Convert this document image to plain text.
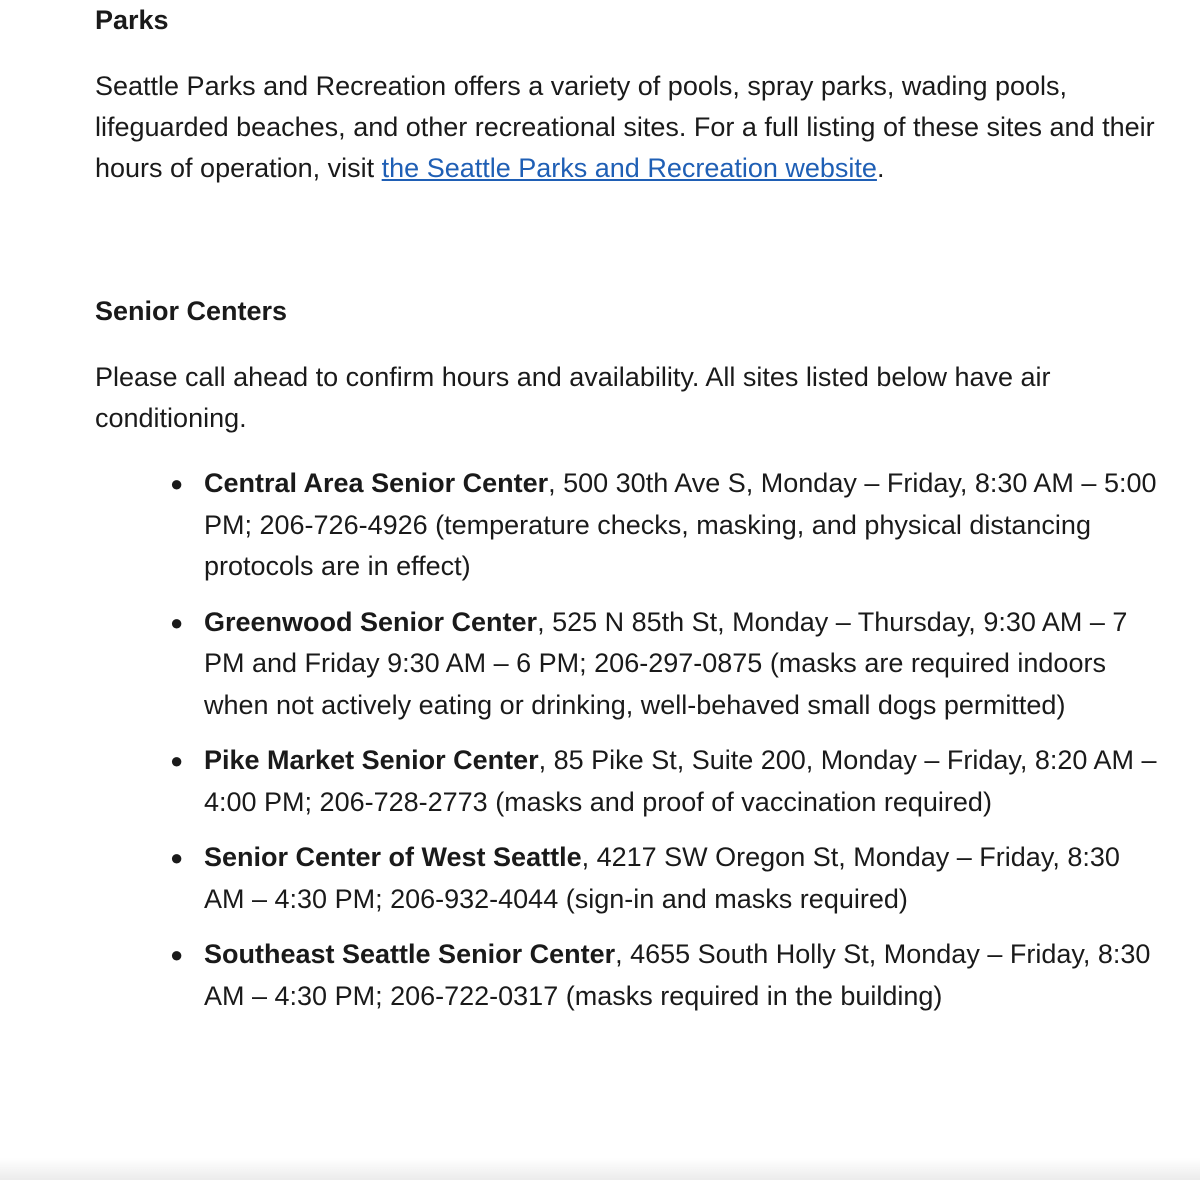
Parks

Seattle Parks and Recreation offers a variety of pools, spray parks, wading pools, lifeguarded beaches, and other recreational sites. For a full listing of these sites and their hours of operation, visit the Seattle Parks and Recreation website.

Senior Centers

Please call ahead to confirm hours and availability. All sites listed below have air conditioning.

● Central Area Senior Center, 500 30th Ave S, Monday – Friday, 8:30 AM – 5:00 PM; 206-726-4926 (temperature checks, masking, and physical distancing protocols are in effect)
● Greenwood Senior Center, 525 N 85th St, Monday – Thursday, 9:30 AM – 7 PM and Friday 9:30 AM – 6 PM; 206-297-0875 (masks are required indoors when not actively eating or drinking, well-behaved small dogs permitted)
● Pike Market Senior Center, 85 Pike St, Suite 200, Monday – Friday, 8:20 AM – 4:00 PM; 206-728-2773 (masks and proof of vaccination required)
● Senior Center of West Seattle, 4217 SW Oregon St, Monday – Friday, 8:30 AM – 4:30 PM; 206-932-4044 (sign-in and masks required)
● Southeast Seattle Senior Center, 4655 South Holly St, Monday – Friday, 8:30 AM – 4:30 PM; 206-722-0317 (masks required in the building)
